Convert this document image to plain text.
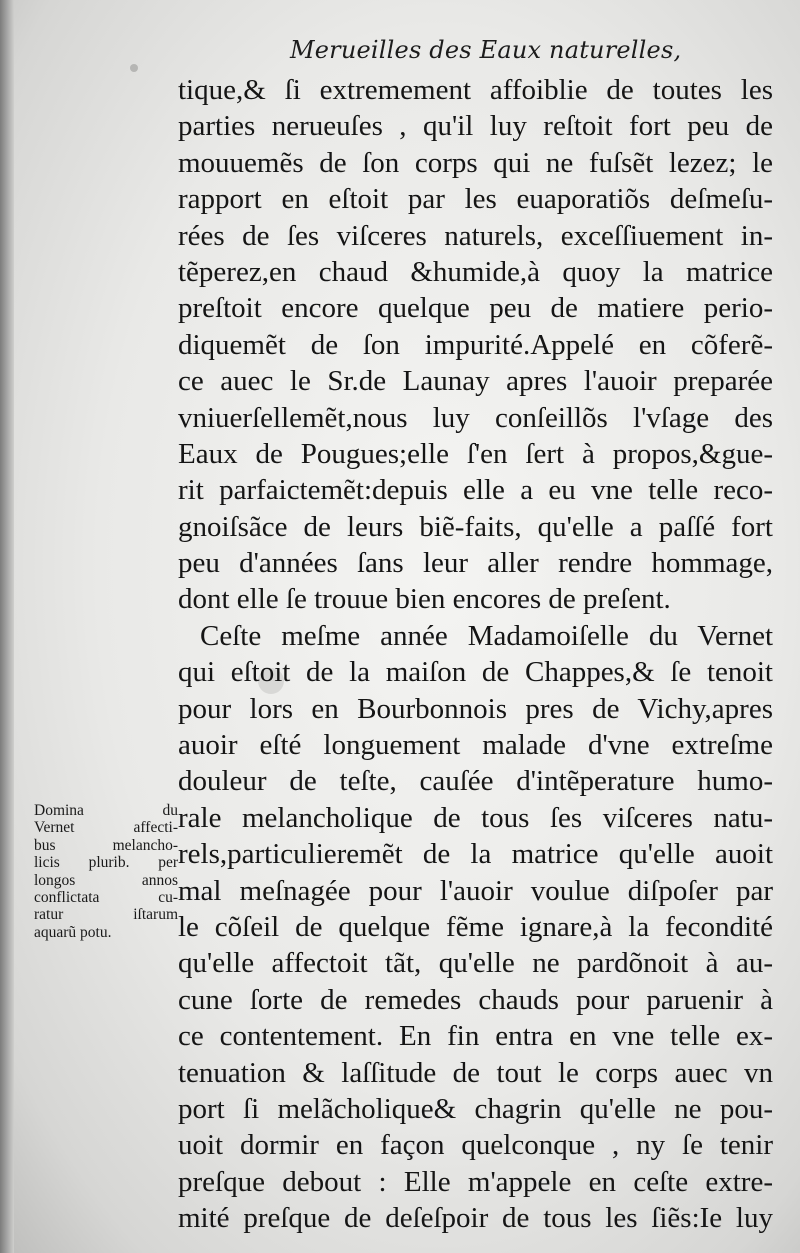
Merueilles des Eaux naturelles,
tique,& ſi extremement affoiblie de toutes les
parties nerueuſes , qu'il luy reſtoit fort peu de
mouuemẽs de ſon corps qui ne fuſsẽt lezez; le
rapport en eſtoit par les euaporatiõs deſmeſu-
rées de ſes viſceres naturels, exceſſiuement in-
tẽperez,en chaud &humide,à quoy la matrice
preſtoit encore quelque peu de matiere perio-
diquemẽt de ſon impurité.Appelé en cõferẽ-
ce auec le Sr.de Launay apres l'auoir preparée
vniuerſellemẽt,nous luy conſeillõs l'vſage des
Eaux de Pougues;elle ſ'en ſert à propos,&gue-
rit parfaictemẽt:depuis elle a eu vne telle reco-
gnoiſsãce de leurs biẽ-faits, qu'elle a paſſé fort
peu d'années ſans leur aller rendre hommage,
dont elle ſe trouue bien encores de preſent.
Ceſte meſme année Madamoiſelle du Vernet
qui eſtoit de la maiſon de Chappes,& ſe tenoit
pour lors en Bourbonnois pres de Vichy,apres
auoir eſté longuement malade d'vne extreſme
douleur de teſte, cauſée d'intẽperature humo-
rale melancholique de tous ſes viſceres natu-
rels,particulieremẽt de la matrice qu'elle auoit
mal meſnagée pour l'auoir voulue diſpoſer par
le cõſeil de quelque fẽme ignare,à la fecondité
qu'elle affectoit tãt, qu'elle ne pardõnoit à au-
cune ſorte de remedes chauds pour paruenir à
ce contentement. En fin entra en vne telle ex-
tenuation & laſſitude de tout le corps auec vn
port ſi melãcholique& chagrin qu'elle ne pou-
uoit dormir en façon quelconque , ny ſe tenir
preſque debout : Elle m'appele en ceſte extre-
mité preſque de deſeſpoir de tous les ſiẽs:Ie luy
Domina du
Vernet affecti-
bus melancho-
licis plurib. per
longos annos
conflictata cu-
ratur iſtarum
aquarũ potu.
